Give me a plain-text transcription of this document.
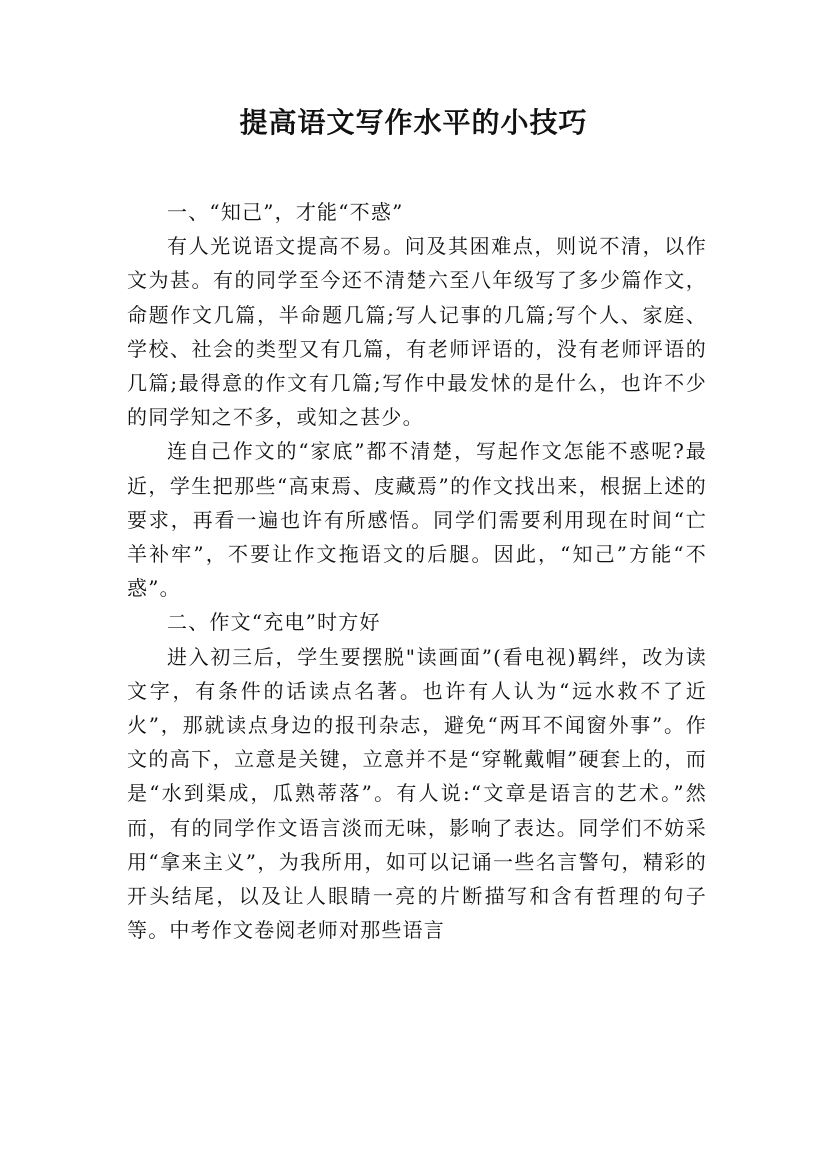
提高语文写作水平的小技巧

一、“知己”，才能“不惑”

有人光说语文提高不易。问及其困难点，则说不清，以作文为甚。有的同学至今还不清楚六至八年级写了多少篇作文，命题作文几篇，半命题几篇;写人记事的几篇;写个人、家庭、学校、社会的类型又有几篇，有老师评语的，没有老师评语的几篇;最得意的作文有几篇;写作中最发怵的是什么，也许不少的同学知之不多，或知之甚少。

连自己作文的“家底”都不清楚，写起作文怎能不惑呢?最近，学生把那些“高束焉、庋藏焉”的作文找出来，根据上述的要求，再看一遍也许有所感悟。同学们需要利用现在时间“亡羊补牢”，不要让作文拖语文的后腿。因此，“知己”方能“不惑”。

二、作文“充电”时方好

进入初三后，学生要摆脱"读画面”(看电视)羁绊，改为读文字，有条件的话读点名著。也许有人认为“远水救不了近火”，那就读点身边的报刊杂志，避免“两耳不闻窗外事”。作文的高下，立意是关键，立意并不是“穿靴戴帽”硬套上的，而是“水到渠成，瓜熟蒂落”。有人说:“文章是语言的艺术。”然而，有的同学作文语言淡而无味，影响了表达。同学们不妨采用“拿来主义”，为我所用，如可以记诵一些名言警句，精彩的开头结尾，以及让人眼睛一亮的片断描写和含有哲理的句子等。中考作文卷阅老师对那些语言
